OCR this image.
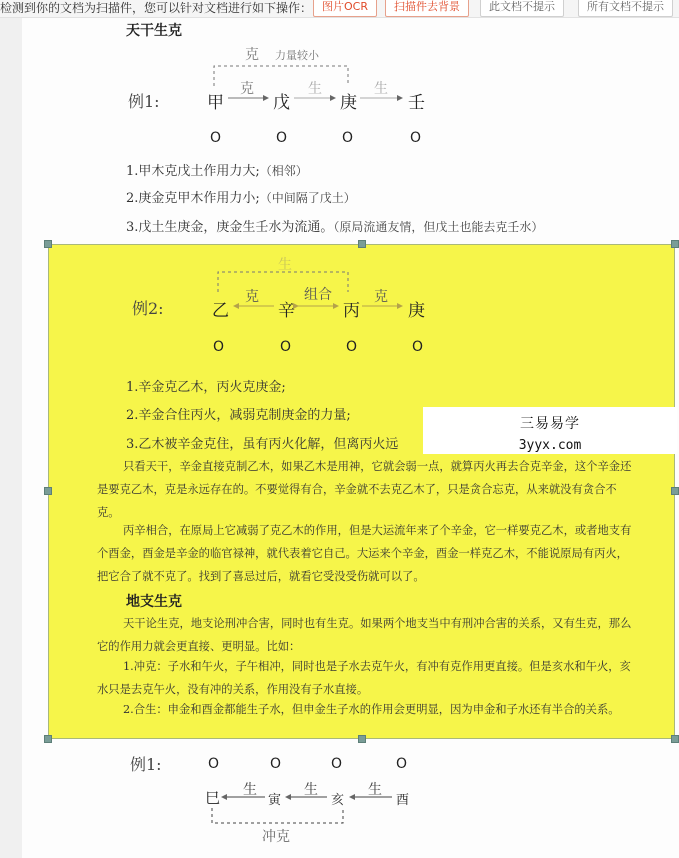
检测到你的文档为扫描件，您可以针对文档进行如下操作： 图片OCR	扫描件去背景	此文档不提示	所有文档不提示
天干生克
克 力量较小
例1:	甲	戊	庚	壬
克	生	生
O	O	O	O
1.甲木克戊土作用力大;（相邻）
2.庚金克甲木作用力小;（中间隔了戊土）
3.戊土生庚金，庚金生壬水为流通。（原局流通友情，但戊土也能去克壬水）
生
例2:	乙	辛	丙	庚
克	组合	克
O	O	O	O
1.辛金克乙木，丙火克庚金;
2.辛金合住丙火，减弱克制庚金的力量;
3.乙木被辛金克住，虽有丙火化解，但离丙火远
只看天干，辛金直接克制乙木，如果乙木是用神，它就会弱一点，就算丙火再去合克辛金，这个辛金还是要克乙木，克是永远存在的。不要觉得有合，辛金就不去克乙木了，只是贪合忘克，从来就没有贪合不克。
丙辛相合，在原局上它减弱了克乙木的作用，但是大运流年来了个辛金，它一样要克乙木，或者地支有个酉金，酉金是辛金的临官禄神，就代表着它自己。大运来个辛金，酉金一样克乙木，不能说原局有丙火，把它合了就不克了。找到了喜忌过后，就看它受没受伤就可以了。
地支生克
天干论生克，地支论刑冲合害，同时也有生克。如果两个地支当中有刑冲合害的关系，又有生克，那么它的作用力就会更直接、更明显。比如：
1.冲克：子水和午火，子午相冲，同时也是子水去克午火，有冲有克作用更直接。但是亥水和午火，亥水只是去克午火，没有冲的关系，作用没有子水直接。
2.合生：申金和酉金都能生子水，但申金生子水的作用会更明显，因为申金和子水还有半合的关系。
三易易学
3yyx.com
例1:	O	O	O	O
巳	寅	亥	酉
生	生	生
冲克
